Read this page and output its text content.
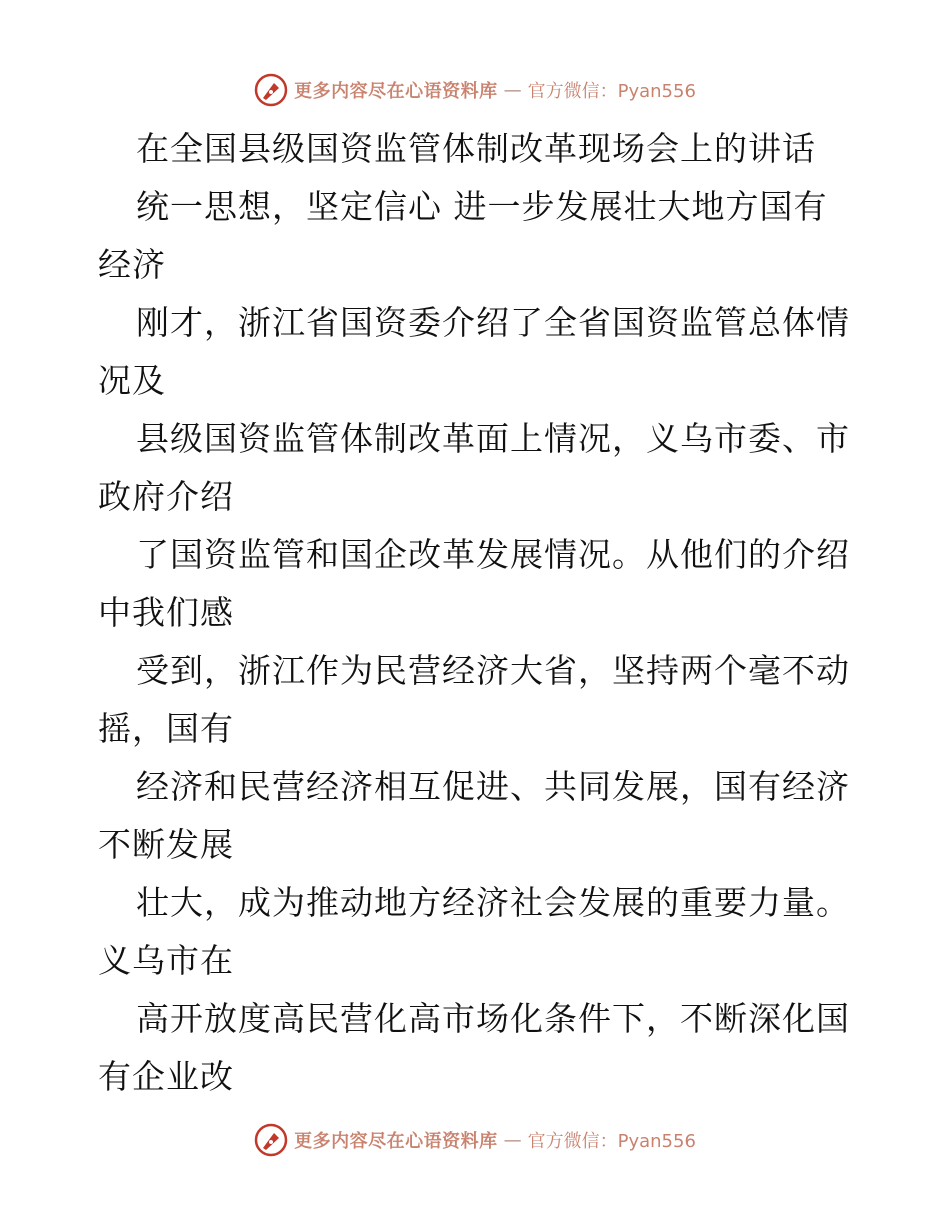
更多内容尽在心语资料库 — 官方微信：Pyan556
在全国县级国资监管体制改革现场会上的讲话
统一思想，坚定信心 进一步发展壮大地方国有
经济
刚才，浙江省国资委介绍了全省国资监管总体情
况及
县级国资监管体制改革面上情况，义乌市委、市
政府介绍
了国资监管和国企改革发展情况。从他们的介绍
中我们感
受到，浙江作为民营经济大省，坚持两个毫不动
摇，国有
经济和民营经济相互促进、共同发展，国有经济
不断发展
壮大，成为推动地方经济社会发展的重要力量。
义乌市在
高开放度高民营化高市场化条件下，不断深化国
有企业改
更多内容尽在心语资料库 — 官方微信：Pyan556
